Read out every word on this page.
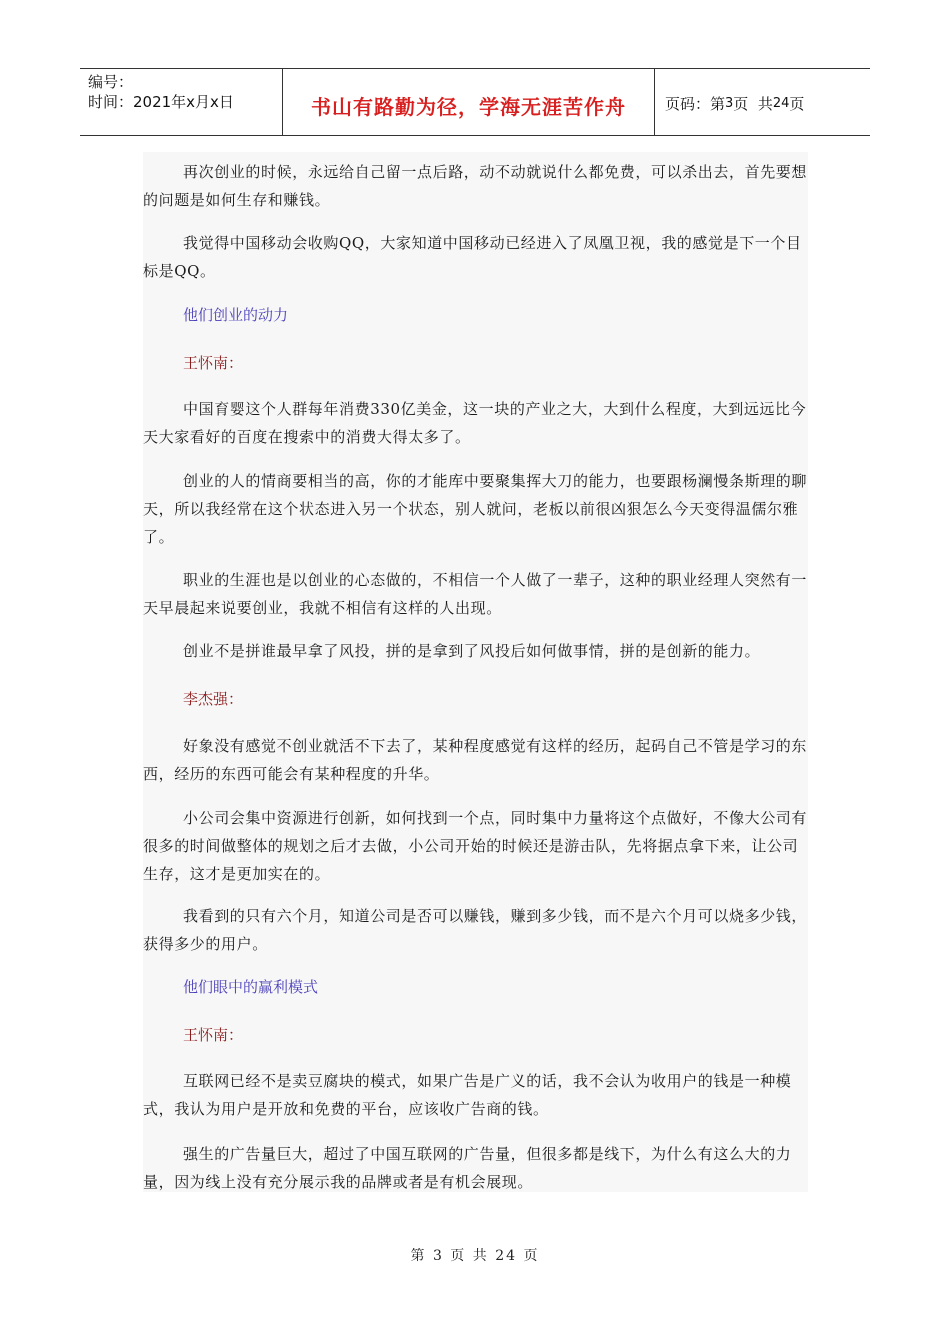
编号：
时间：2021年x月x日	书山有路勤为径，学海无涯苦作舟	页码：第 3 页  共 24 页

再次创业的时候，永远给自己留一点后路，动不动就说什么都免费，可以杀出去，首先要想的问题是如何生存和赚钱。

我觉得中国移动会收购QQ，大家知道中国移动已经进入了凤凰卫视，我的感觉是下一个目标是QQ。

他们创业的动力
王怀南：

中国育婴这个人群每年消费330亿美金，这一块的产业之大，大到什么程度，大到远远比今天大家看好的百度在搜索中的消费大得太多了。

创业的人的情商要相当的高，你的才能库中要聚集挥大刀的能力，也要跟杨澜慢条斯理的聊天，所以我经常在这个状态进入另一个状态，别人就问，老板以前很凶狠怎么今天变得温儒尔雅了。

职业的生涯也是以创业的心态做的，不相信一个人做了一辈子，这种的职业经理人突然有一天早晨起来说要创业，我就不相信有这样的人出现。

创业不是拼谁最早拿了风投，拼的是拿到了风投后如何做事情，拼的是创新的能力。

李杰强：

好象没有感觉不创业就活不下去了，某种程度感觉有这样的经历，起码自己不管是学习的东西，经历的东西可能会有某种程度的升华。

小公司会集中资源进行创新，如何找到一个点，同时集中力量将这个点做好，不像大公司有很多的时间做整体的规划之后才去做，小公司开始的时候还是游击队，先将据点拿下来，让公司生存，这才是更加实在的。

我看到的只有六个月，知道公司是否可以赚钱，赚到多少钱，而不是六个月可以烧多少钱，获得多少的用户。

他们眼中的赢利模式
王怀南：

互联网已经不是卖豆腐块的模式，如果广告是广义的话，我不会认为收用户的钱是一种模式，我认为用户是开放和免费的平台，应该收广告商的钱。

强生的广告量巨大，超过了中国互联网的广告量，但很多都是线下，为什么有这么大的力量，因为线上没有充分展示我的品牌或者是有机会展现。

第 3 页 共 24 页
